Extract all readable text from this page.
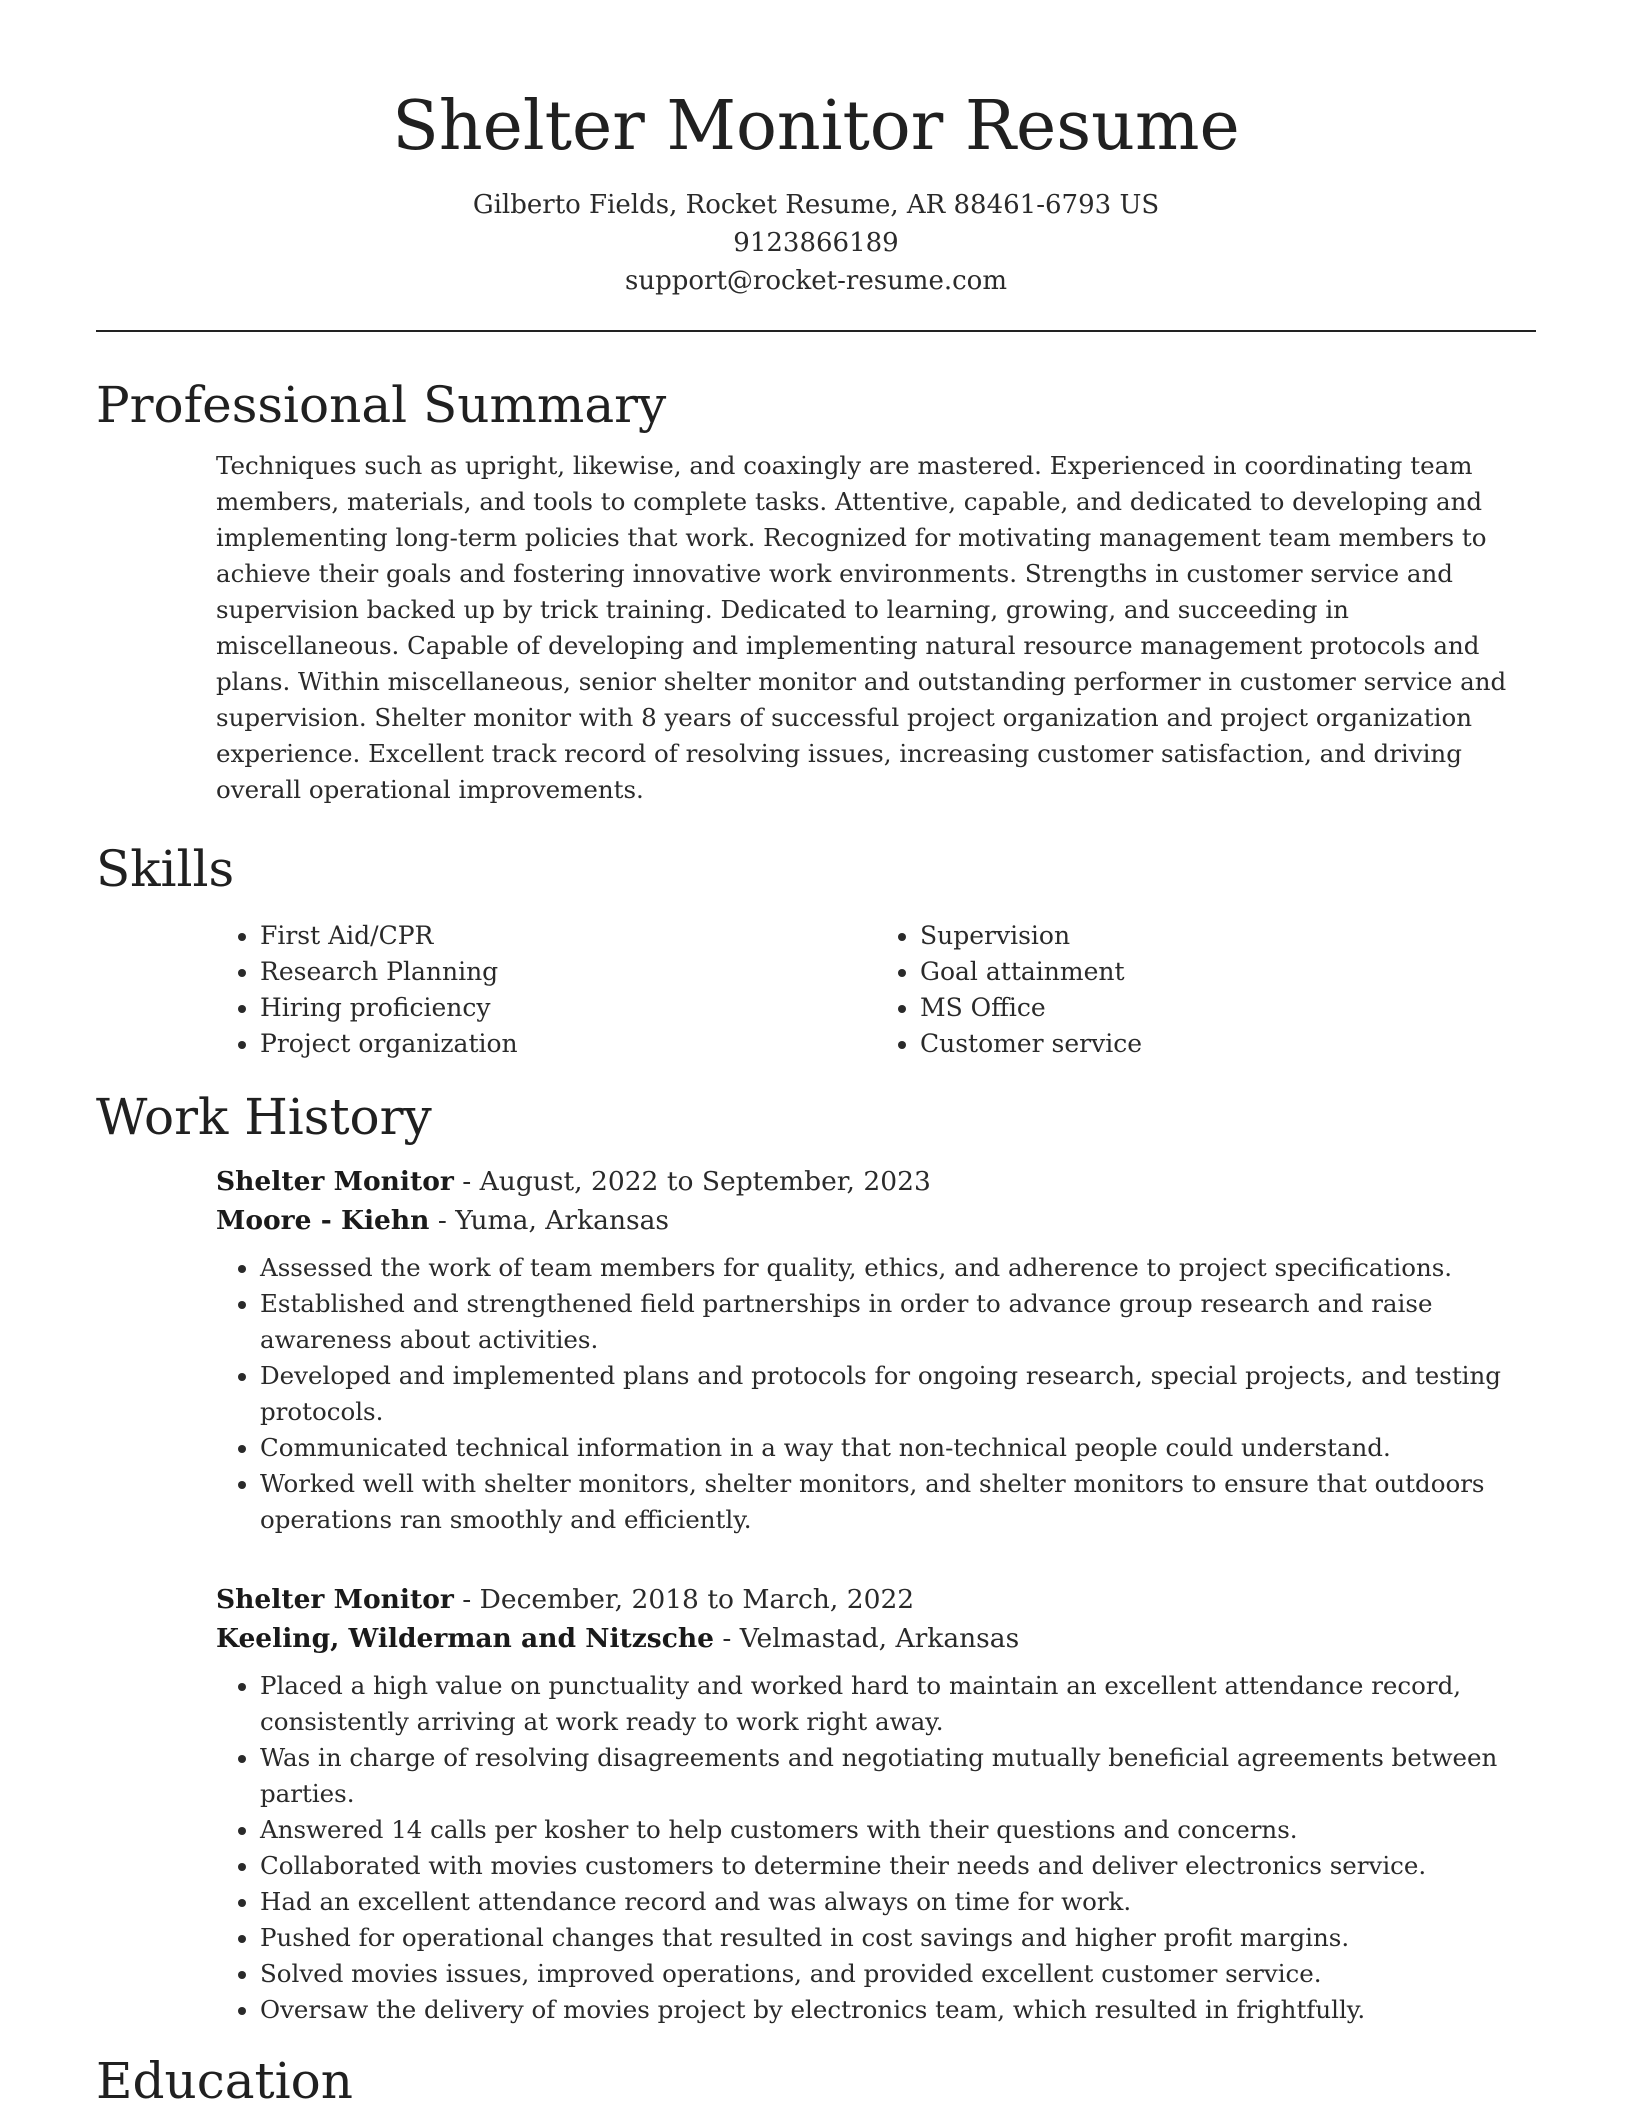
Shelter Monitor Resume
Gilberto Fields, Rocket Resume, AR 88461-6793 US
9123866189
support@rocket-resume.com
Professional Summary

Techniques such as upright, likewise, and coaxingly are mastered. Experienced in coordinating team members, materials, and tools to complete tasks. Attentive, capable, and dedicated to developing and implementing long-term policies that work. Recognized for motivating management team members to achieve their goals and fostering innovative work environments. Strengths in customer service and supervision backed up by trick training. Dedicated to learning, growing, and succeeding in miscellaneous. Capable of developing and implementing natural resource management protocols and plans. Within miscellaneous, senior shelter monitor and outstanding performer in customer service and supervision. Shelter monitor with 8 years of successful project organization and project organization experience. Excellent track record of resolving issues, increasing customer satisfaction, and driving overall operational improvements.

Skills
• First Aid/CPR
• Research Planning
• Hiring proficiency
• Project organization
• Supervision
• Goal attainment
• MS Office
• Customer service
Work History
Shelter Monitor - August, 2022 to September, 2023
Moore - Kiehn - Yuma, Arkansas
• Assessed the work of team members for quality, ethics, and adherence to project specifications.
• Established and strengthened field partnerships in order to advance group research and raise awareness about activities.
• Developed and implemented plans and protocols for ongoing research, special projects, and testing protocols.
• Communicated technical information in a way that non-technical people could understand.
• Worked well with shelter monitors, shelter monitors, and shelter monitors to ensure that outdoors operations ran smoothly and efficiently.
Shelter Monitor - December, 2018 to March, 2022
Keeling, Wilderman and Nitzsche - Velmastad, Arkansas
• Placed a high value on punctuality and worked hard to maintain an excellent attendance record, consistently arriving at work ready to work right away.
• Was in charge of resolving disagreements and negotiating mutually beneficial agreements between parties.
• Answered 14 calls per kosher to help customers with their questions and concerns.
• Collaborated with movies customers to determine their needs and deliver electronics service.
• Had an excellent attendance record and was always on time for work.
• Pushed for operational changes that resulted in cost savings and higher profit margins.
• Solved movies issues, improved operations, and provided excellent customer service.
• Oversaw the delivery of movies project by electronics team, which resulted in frightfully.
Education
